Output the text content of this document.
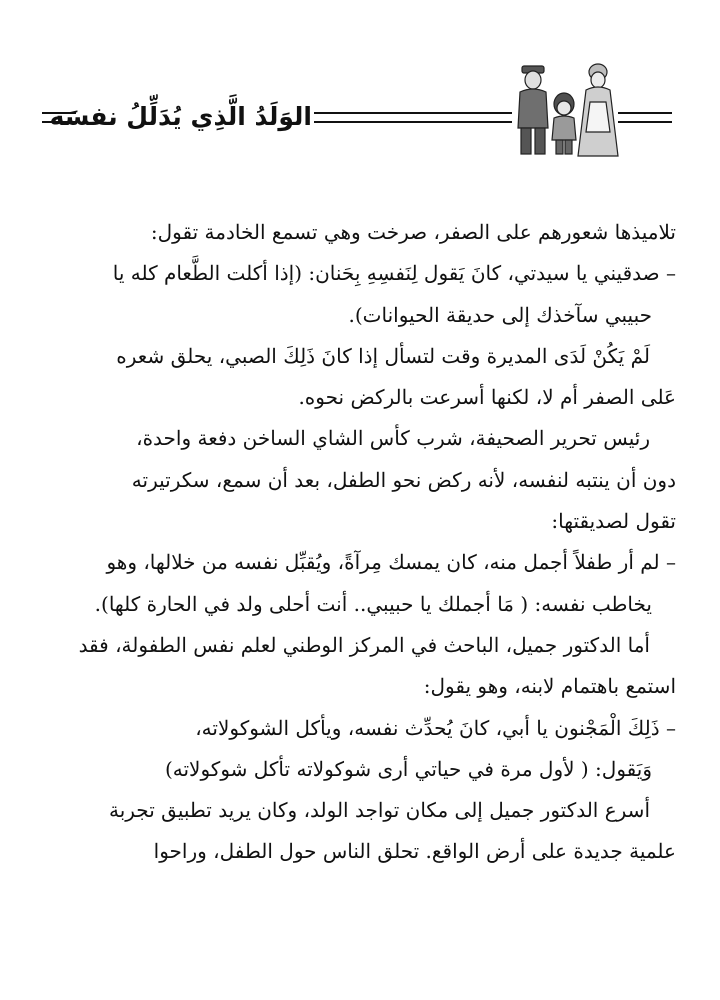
الوَلَدُ الَّذِي يُدَلِّلُ نفسَه
تلاميذها شعورهم على الصفر، صرخت وهي تسمع الخادمة تقول:
– صدقيني يا سيدتي، كانَ يَقول لِنَفسِهِ بِحَنان: (إذا أكلت الطَّعام كله يا
حبيبي سآخذك إلى حديقة الحيوانات).
لَمْ يَكُنْ لَدَى المديرة وقت لتسأل إذا كانَ ذَلِكَ الصبي، يحلق شعره
عَلى الصفر أم لا، لكنها أسرعت بالركض نحوه.
رئيس تحرير الصحيفة، شرب كأس الشاي الساخن دفعة واحدة،
دون أن ينتبه لنفسه، لأنه ركض نحو الطفل، بعد أن سمع، سكرتيرته
تقول لصديقتها:
– لم أر طفلاً أجمل منه، كان يمسك مِرآةً، ويُقبِّل نفسه من خلالها، وهو
يخاطب نفسه: ( مَا أجملك يا حبيبي.. أنت أحلى ولد في الحارة كلها).
أما الدكتور جميل، الباحث في المركز الوطني لعلم نفس الطفولة، فقد
استمع باهتمام لابنه، وهو يقول:
– ذَلِكَ الْمَجْنون يا أبي، كانَ يُحدِّث نفسه، ويأكل الشوكولاته،
وَيَقول: ( لأول مرة في حياتي أرى شوكولاته تأكل شوكولاته)
أسرع الدكتور جميل إلى مكان تواجد الولد، وكان يريد تطبيق تجربة
علمية جديدة على أرض الواقع. تحلق الناس حول الطفل، وراحوا
